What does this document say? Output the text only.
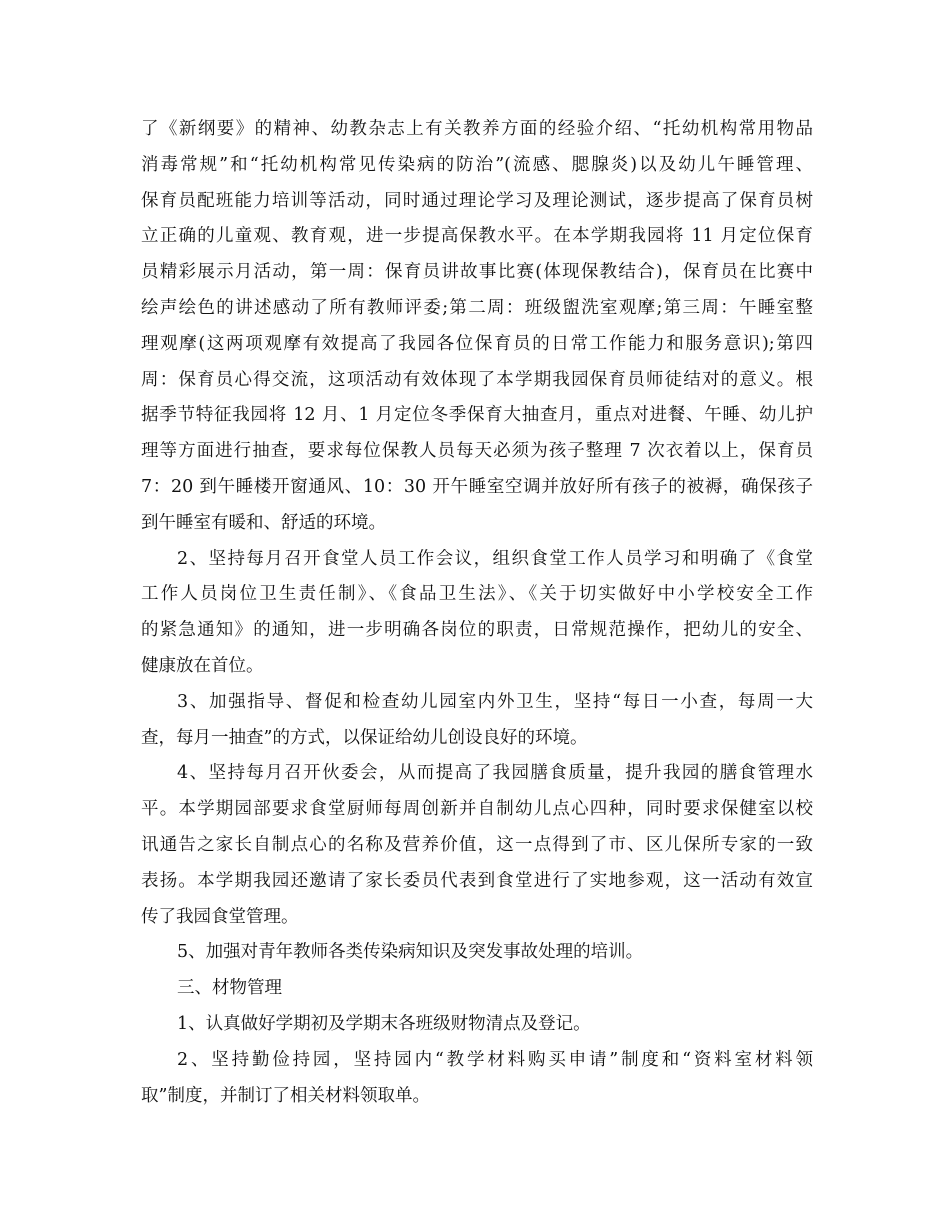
了《新纲要》的精神、幼教杂志上有关教养方面的经验介绍、“托幼机构常用物品
消毒常规”和“托幼机构常见传染病的防治”(流感、腮腺炎)以及幼儿午睡管理、
保育员配班能力培训等活动，同时通过理论学习及理论测试，逐步提高了保育员树
立正确的儿童观、教育观，进一步提高保教水平。在本学期我园将 11 月定位保育
员精彩展示月活动，第一周：保育员讲故事比赛(体现保教结合)，保育员在比赛中
绘声绘色的讲述感动了所有教师评委;第二周：班级盥洗室观摩;第三周：午睡室整
理观摩(这两项观摩有效提高了我园各位保育员的日常工作能力和服务意识);第四
周：保育员心得交流，这项活动有效体现了本学期我园保育员师徒结对的意义。根
据季节特征我园将 12 月、1 月定位冬季保育大抽查月，重点对进餐、午睡、幼儿护
理等方面进行抽查，要求每位保教人员每天必须为孩子整理 7 次衣着以上，保育员
7：20 到午睡楼开窗通风、10：30 开午睡室空调并放好所有孩子的被褥，确保孩子
到午睡室有暖和、舒适的环境。
2、坚持每月召开食堂人员工作会议，组织食堂工作人员学习和明确了《食堂
工作人员岗位卫生责任制》、《食品卫生法》、《关于切实做好中小学校安全工作
的紧急通知》的通知，进一步明确各岗位的职责，日常规范操作，把幼儿的安全、
健康放在首位。
3、加强指导、督促和检查幼儿园室内外卫生，坚持“每日一小查，每周一大
查，每月一抽查”的方式，以保证给幼儿创设良好的环境。
4、坚持每月召开伙委会，从而提高了我园膳食质量，提升我园的膳食管理水
平。本学期园部要求食堂厨师每周创新并自制幼儿点心四种，同时要求保健室以校
讯通告之家长自制点心的名称及营养价值，这一点得到了市、区儿保所专家的一致
表扬。本学期我园还邀请了家长委员代表到食堂进行了实地参观，这一活动有效宣
传了我园食堂管理。
5、加强对青年教师各类传染病知识及突发事故处理的培训。
三、材物管理
1、认真做好学期初及学期末各班级财物清点及登记。
2、坚持勤俭持园，坚持园内“教学材料购买申请”制度和“资料室材料领
取”制度，并制订了相关材料领取单。
